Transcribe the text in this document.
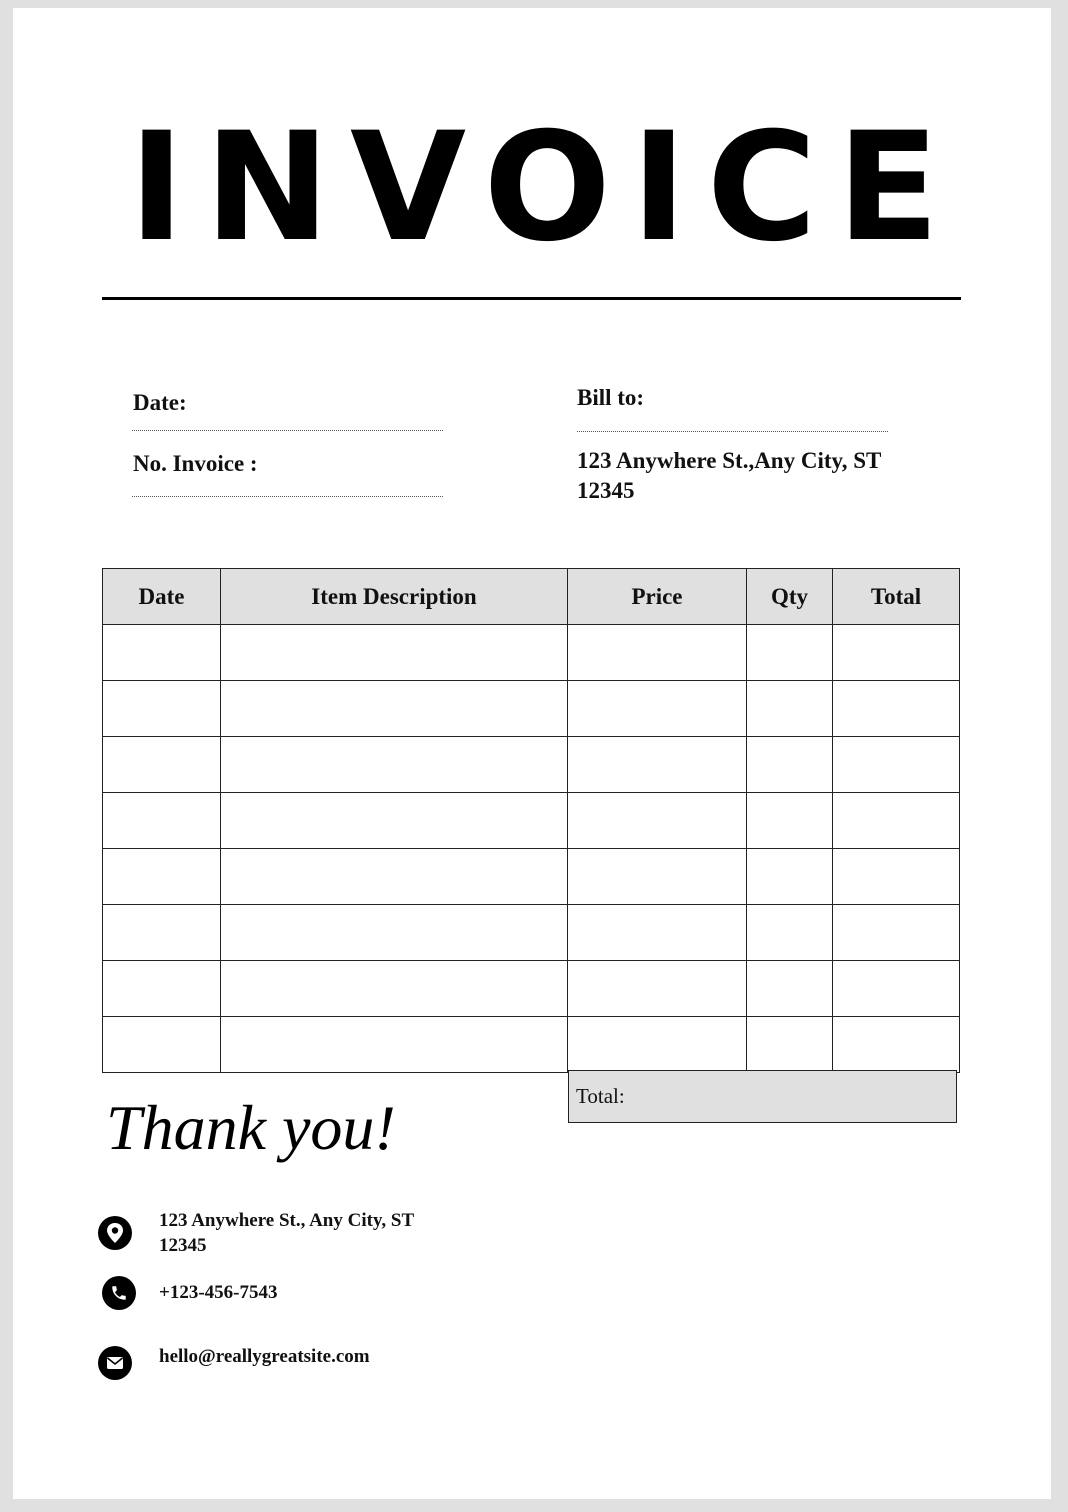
INVOICE
Date:
No. Invoice :
Bill to:
123 Anywhere St.,Any City, ST
12345
Date	Item Description	Price	Qty	Total

Total:
Thank you!
123 Anywhere St., Any City, ST
12345
+123-456-7543
hello@reallygreatsite.com
